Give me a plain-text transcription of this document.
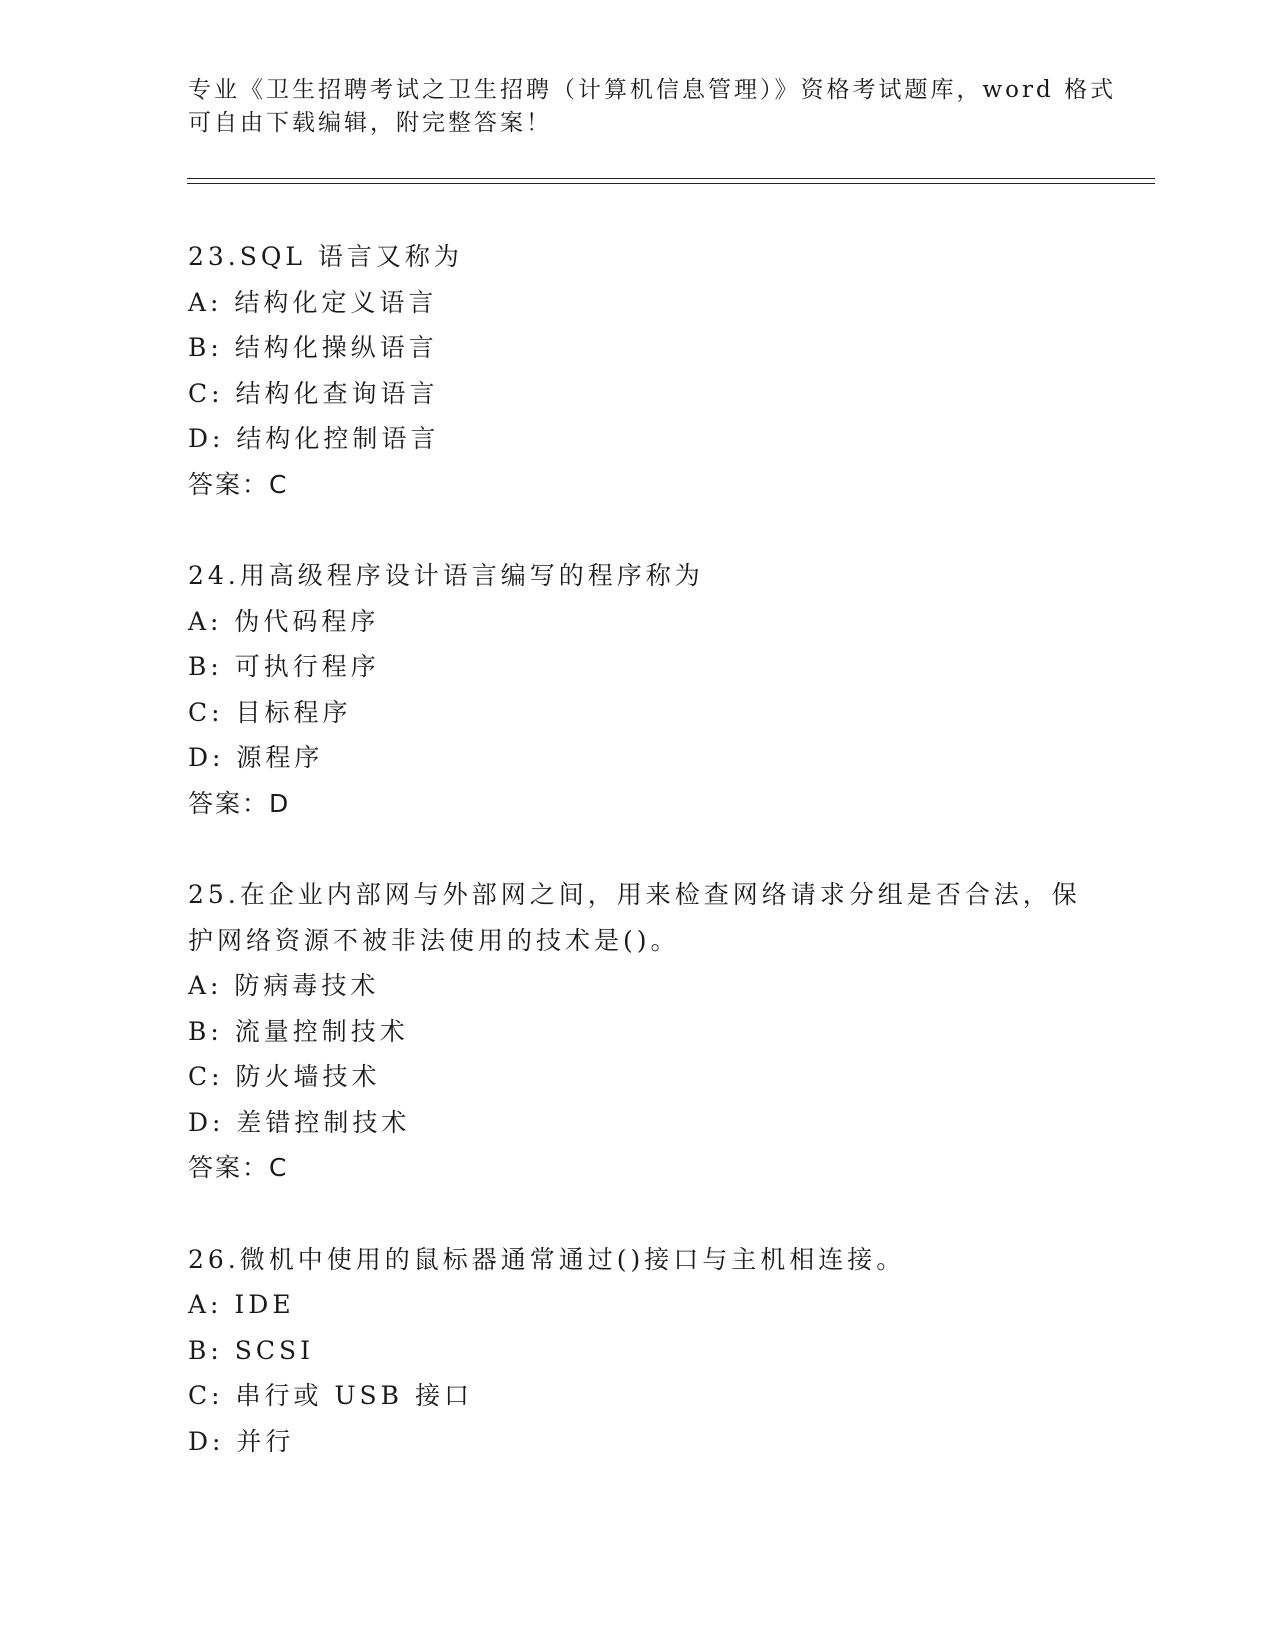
专业《卫生招聘考试之卫生招聘（计算机信息管理）》资格考试题库，word 格式
可自由下载编辑，附完整答案！
23.SQL 语言又称为
A: 结构化定义语言
B: 结构化操纵语言
C: 结构化查询语言
D: 结构化控制语言
答案：C
24.用高级程序设计语言编写的程序称为
A: 伪代码程序
B: 可执行程序
C: 目标程序
D: 源程序
答案：D
25.在企业内部网与外部网之间，用来检查网络请求分组是否合法，保
护网络资源不被非法使用的技术是()。
A: 防病毒技术
B: 流量控制技术
C: 防火墙技术
D: 差错控制技术
答案：C
26.微机中使用的鼠标器通常通过()接口与主机相连接。
A: IDE
B: SCSI
C: 串行或 USB 接口
D: 并行
